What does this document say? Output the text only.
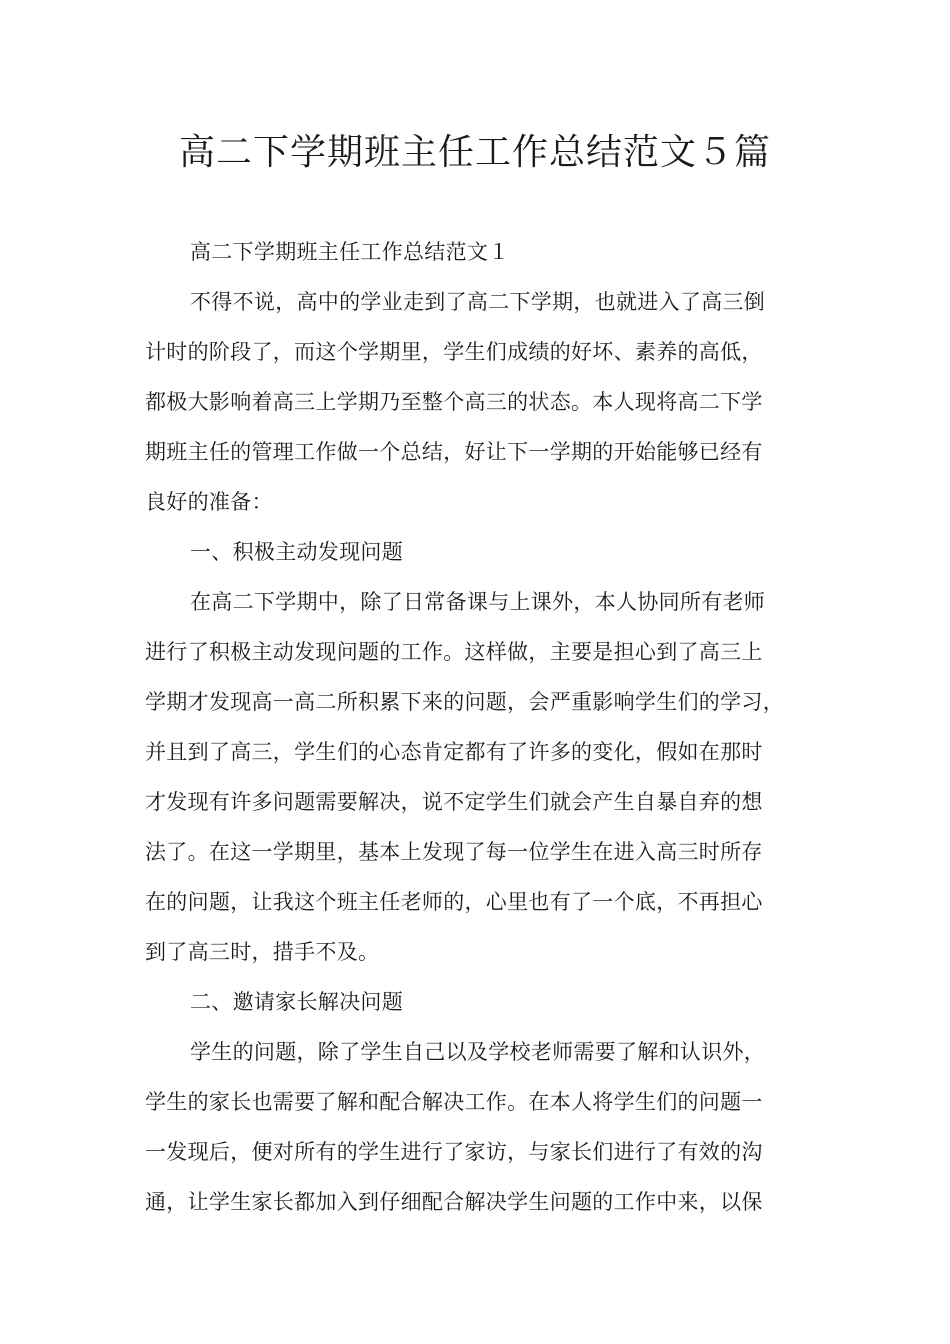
高二下学期班主任工作总结范文５篇
高二下学期班主任工作总结范文１
不得不说，高中的学业走到了高二下学期，也就进入了高三倒
计时的阶段了，而这个学期里，学生们成绩的好坏、素养的高低，
都极大影响着高三上学期乃至整个高三的状态。本人现将高二下学
期班主任的管理工作做一个总结，好让下一学期的开始能够已经有
良好的准备：
一、积极主动发现问题
在高二下学期中，除了日常备课与上课外，本人协同所有老师
进行了积极主动发现问题的工作。这样做，主要是担心到了高三上
学期才发现高一高二所积累下来的问题，会严重影响学生们的学习，
并且到了高三，学生们的心态肯定都有了许多的变化，假如在那时
才发现有许多问题需要解决，说不定学生们就会产生自暴自弃的想
法了。在这一学期里，基本上发现了每一位学生在进入高三时所存
在的问题，让我这个班主任老师的，心里也有了一个底，不再担心
到了高三时，措手不及。
二、邀请家长解决问题
学生的问题，除了学生自己以及学校老师需要了解和认识外，
学生的家长也需要了解和配合解决工作。在本人将学生们的问题一
一发现后，便对所有的学生进行了家访，与家长们进行了有效的沟
通，让学生家长都加入到仔细配合解决学生问题的工作中来，以保
